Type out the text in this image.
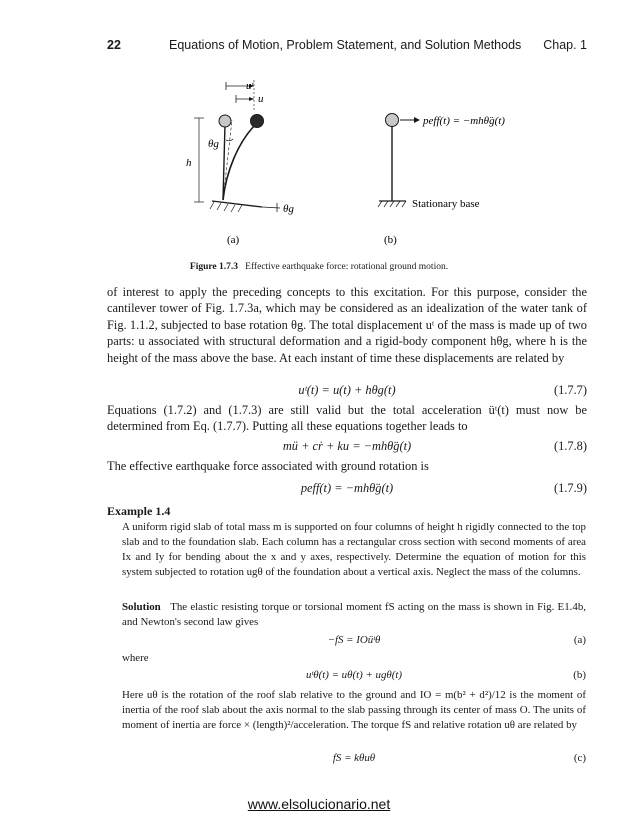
22	Equations of Motion, Problem Statement, and Solution Methods Chap. 1
uᵗ
u
θg
h
θg
(a)
peff(t) = −mhθ̈g(t)
Stationary base
(b)
Figure 1.7.3 Effective earthquake force: rotational ground motion.
of interest to apply the preceding concepts to this excitation. For this purpose, consider the cantilever tower of Fig. 1.7.3a, which may be considered as an idealization of the water tank of Fig. 1.1.2, subjected to base rotation θg. The total displacement uᵗ of the mass is made up of two parts: u associated with structural deformation and a rigid-body component hθg, where h is the height of the mass above the base. At each instant of time these displacements are related by
uᵗ(t) = u(t) + hθg(t)	(1.7.7)
Equations (1.7.2) and (1.7.3) are still valid but the total acceleration üᵗ(t) must now be determined from Eq. (1.7.7). Putting all these equations together leads to
mü + cṙ + ku = −mhθ̈g(t)	(1.7.8)
The effective earthquake force associated with ground rotation is
peff(t) = −mhθ̈g(t)	(1.7.9)
Example 1.4
A uniform rigid slab of total mass m is supported on four columns of height h rigidly connected to the top slab and to the foundation slab. Each column has a rectangular cross section with second moments of area Ix and Iy for bending about the x and y axes, respectively. Determine the equation of motion for this system subjected to rotation ugθ of the foundation about a vertical axis. Neglect the mass of the columns.
Solution The elastic resisting torque or torsional moment fS acting on the mass is shown in Fig. E1.4b, and Newton's second law gives
−fS = IOüᵗθ	(a)
where
uᵗθ(t) = uθ(t) + ugθ(t)	(b)
Here uθ is the rotation of the roof slab relative to the ground and IO = m(b² + d²)/12 is the moment of inertia of the roof slab about the axis normal to the slab passing through its center of mass O. The units of moment of inertia are force × (length)²/acceleration. The torque fS and relative rotation uθ are related by
fS = kθuθ	(c)
www.elsolucionario.net
